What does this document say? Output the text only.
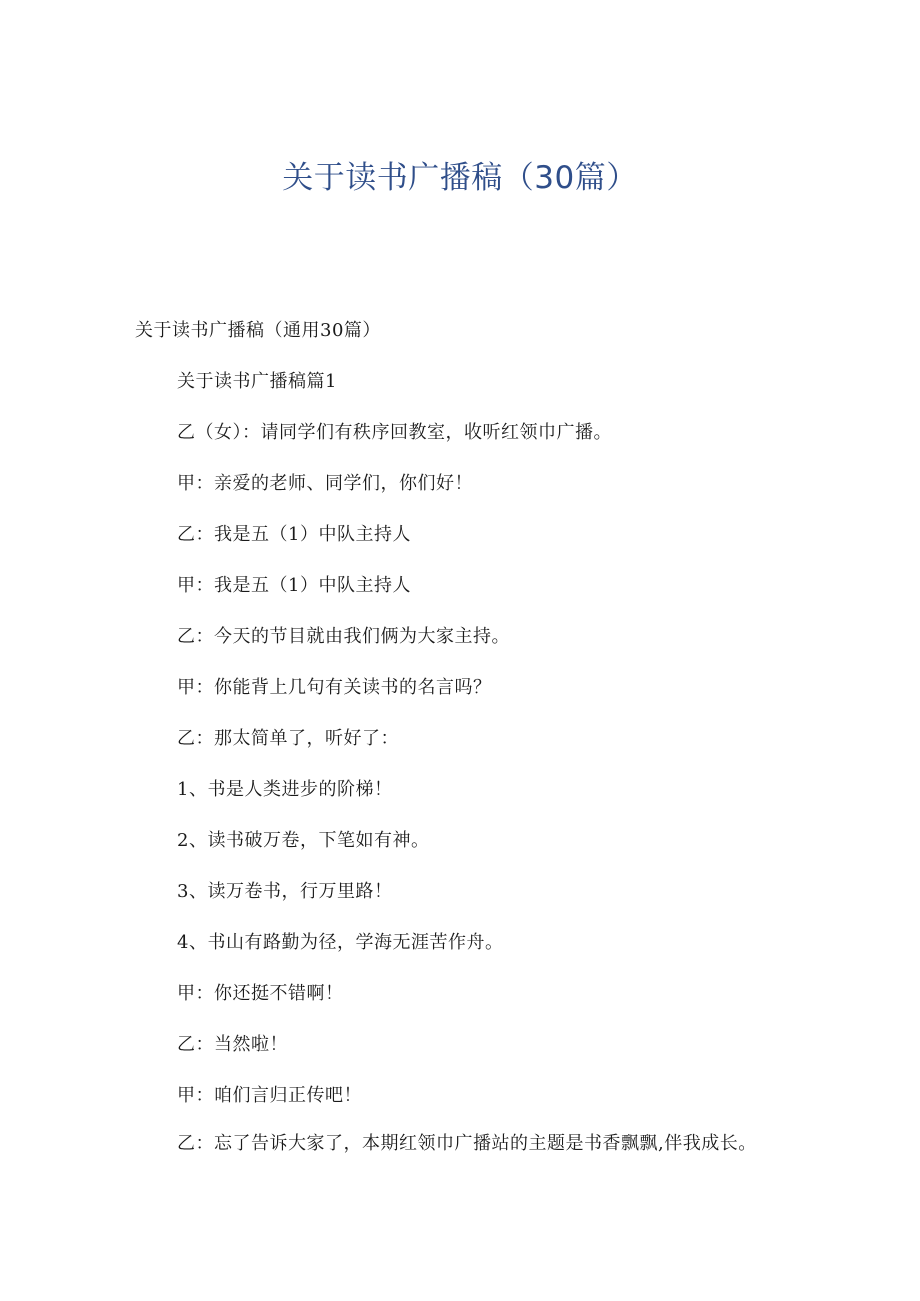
关于读书广播稿（30篇）

关于读书广播稿（通用30篇）

关于读书广播稿篇1

乙（女）：请同学们有秩序回教室，收听红领巾广播。

甲：亲爱的老师、同学们，你们好！

乙：我是五（1）中队主持人

甲：我是五（1）中队主持人

乙：今天的节目就由我们俩为大家主持。

甲：你能背上几句有关读书的名言吗？

乙：那太简单了，听好了：

1、书是人类进步的阶梯！

2、读书破万卷，下笔如有神。

3、读万卷书，行万里路！

4、书山有路勤为径，学海无涯苦作舟。

甲：你还挺不错啊！

乙：当然啦！

甲：咱们言归正传吧！

乙：忘了告诉大家了，本期红领巾广播站的主题是书香飘飘,伴我成长。
